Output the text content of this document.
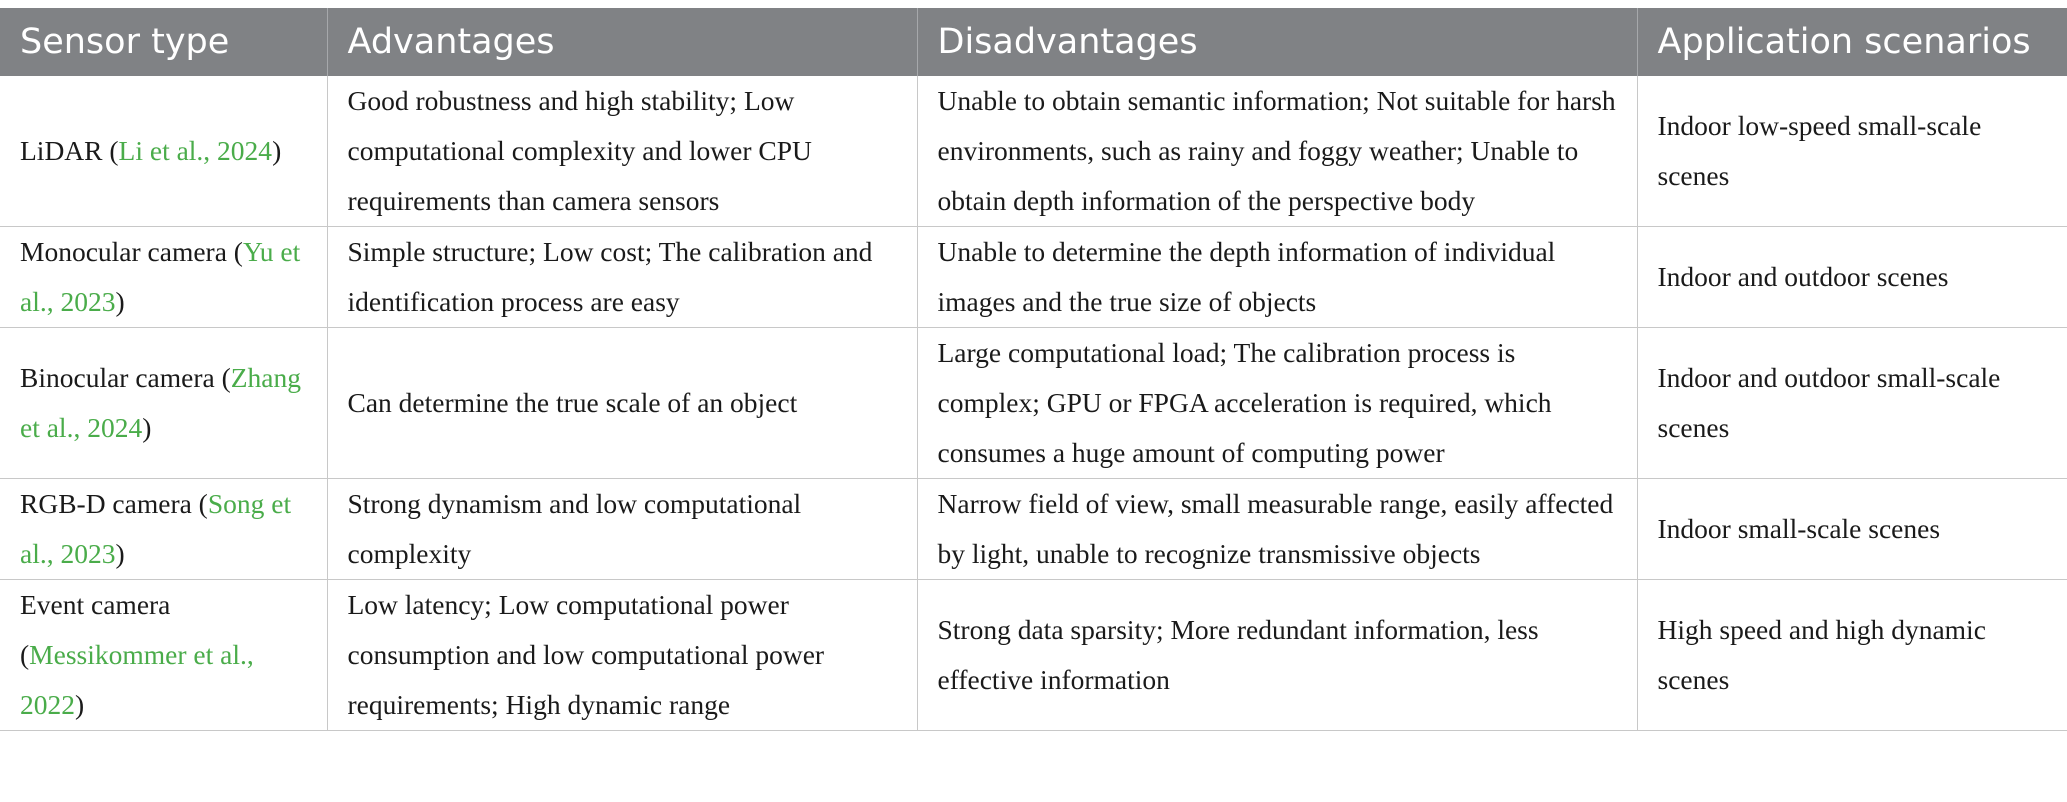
Sensor type	Advantages	Disadvantages	Application scenarios
LiDAR (Li et al., 2024)	Good robustness and high stability; Low computational complexity and lower CPU requirements than camera sensors	Unable to obtain semantic information; Not suitable for harsh environments, such as rainy and foggy weather; Unable to obtain depth information of the perspective body	Indoor low-speed small-scale scenes
Monocular camera (Yu et al., 2023)	Simple structure; Low cost; The calibration and identification process are easy	Unable to determine the depth information of individual images and the true size of objects	Indoor and outdoor scenes
Binocular camera (Zhang et al., 2024)	Can determine the true scale of an object	Large computational load; The calibration process is complex; GPU or FPGA acceleration is required, which consumes a huge amount of computing power	Indoor and outdoor small-scale scenes
RGB-D camera (Song et al., 2023)	Strong dynamism and low computational complexity	Narrow field of view, small measurable range, easily affected by light, unable to recognize transmissive objects	Indoor small-scale scenes
Event camera (Messikommer et al., 2022)	Low latency; Low computational power consumption and low computational power requirements; High dynamic range	Strong data sparsity; More redundant information, less effective information	High speed and high dynamic scenes
